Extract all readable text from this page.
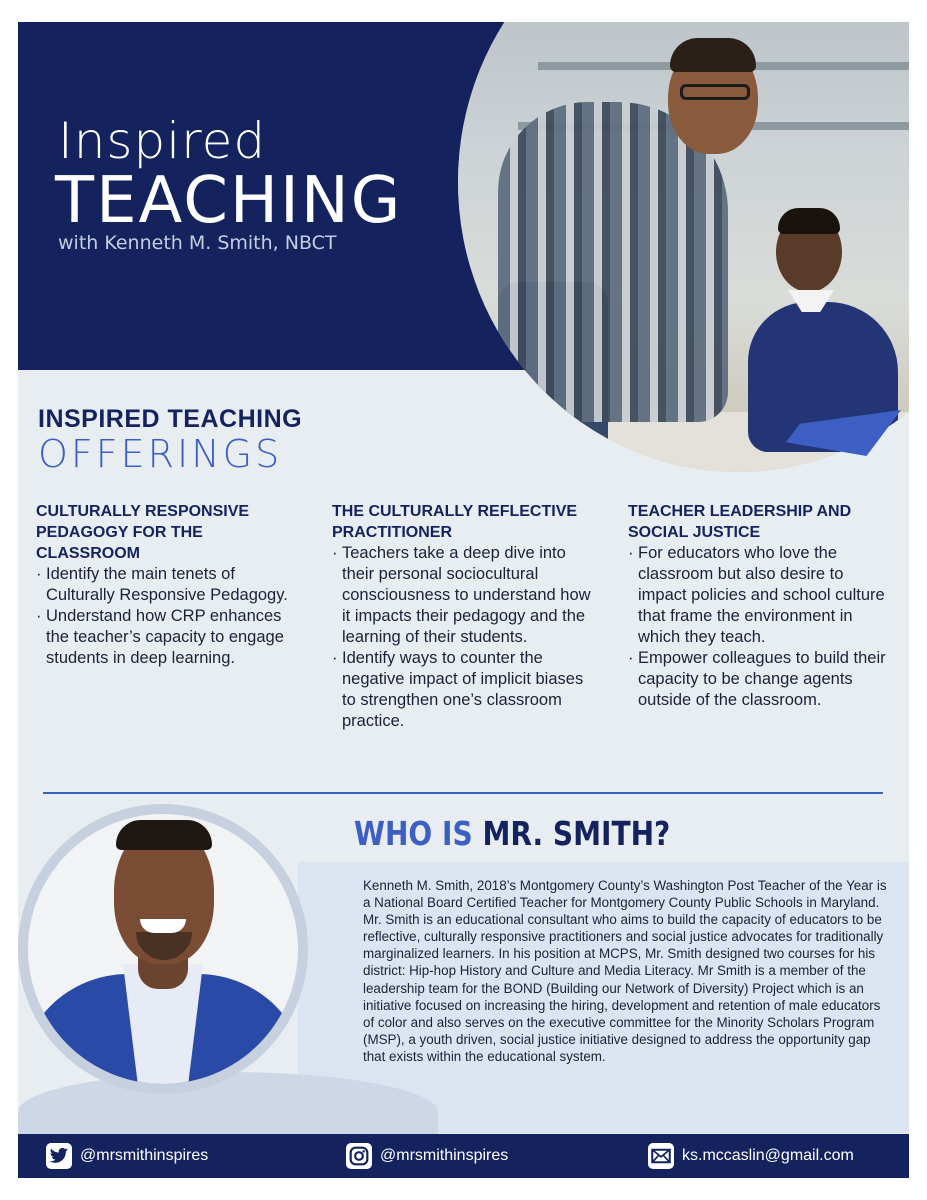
Inspired
TEACHING
with Kenneth M. Smith, NBCT
INSPIRED TEACHING
OFFERINGS
CULTURALLY RESPONSIVE PEDAGOGY FOR THE CLASSROOM
· Identify the main tenets of Culturally Responsive Pedagogy.
· Understand how CRP enhances the teacher’s capacity to engage students in deep learning.
THE CULTURALLY REFLECTIVE PRACTITIONER
· Teachers take a deep dive into their personal sociocultural consciousness to understand how it impacts their pedagogy and the learning of their students.
· Identify ways to counter the negative impact of implicit biases to strengthen one’s classroom practice.
TEACHER LEADERSHIP AND SOCIAL JUSTICE
· For educators who love the classroom but also desire to impact policies and school culture that frame the environment in which they teach.
· Empower colleagues to build their capacity to be change agents outside of the classroom.
WHO IS MR. SMITH?
Kenneth M. Smith, 2018’s Montgomery County’s Washington Post Teacher of the Year is a National Board Certified Teacher for Montgomery County Public Schools in Maryland. Mr. Smith is an educational consultant who aims to build the capacity of educators to be reflective, culturally responsive practitioners and social justice advocates for traditionally marginalized learners. In his position at MCPS, Mr. Smith designed two courses for his district: Hip-hop History and Culture and Media Literacy. Mr Smith is a member of the leadership team for the BOND (Building our Network of Diversity) Project which is an initiative focused on increasing the hiring, development and retention of male educators of color and also serves on the executive committee for the Minority Scholars Program (MSP), a youth driven, social justice initiative designed to address the opportunity gap that exists within the educational system.
@mrsmithinspires	@mrsmithinspires	ks.mccaslin@gmail.com
